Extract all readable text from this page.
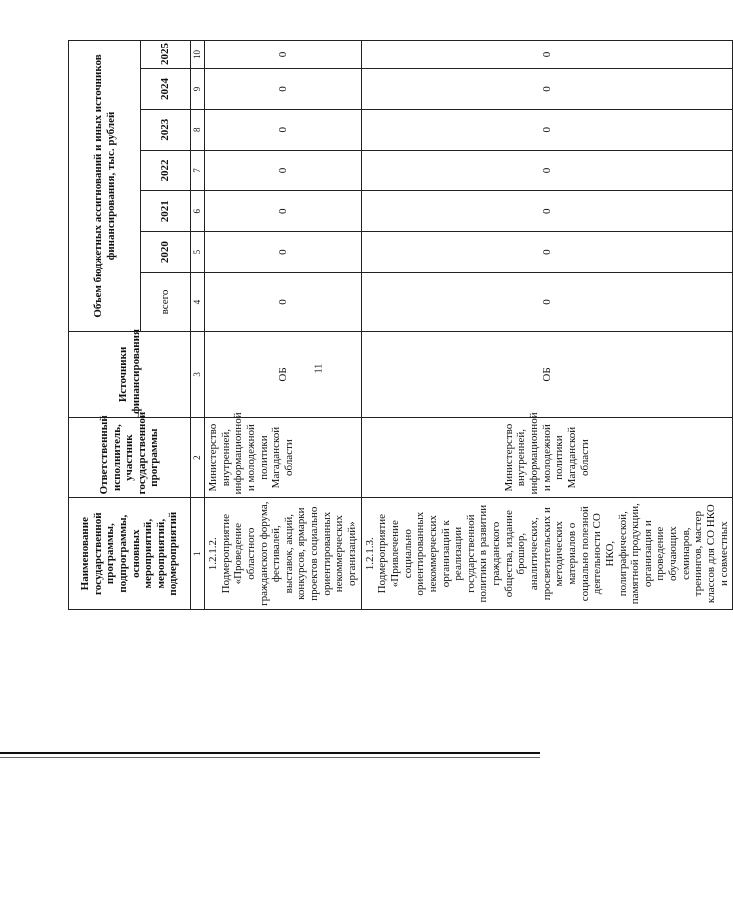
11
Наименование государственной программы, подпрограммы, основных мероприятий, мероприятий, подмероприятий	Ответственный исполнитель, участник государственной программы	Источники финансирования	Объем бюджетных ассигнований и иных источников финансирования, тыс. рублей						
			всего	2020	2021	2022	2023	2024	2025
1	2	3	4	5	6	7	8	9	10
1.2.1.2. Подмероприятие «Проведение областного гражданского форума, фестивалей, выставок, акций, конкурсов, ярмарки проектов социально ориентированных некоммерческих организаций»	Министерство внутренней, информационной и молодежной политики Магаданской области	ОБ	0	0	0	0	0	0	0
1.2.1.3. Подмероприятие «Привлечение социально ориентированных некоммерческих организаций к реализации государственной политики в развитии гражданского общества, издание брошюр, аналитических, просветительских и методических материалов о социально полезной деятельности СО НКО, полиграфической, памятной продукции, организация и проведение обучающих семинаров, тренингов, мастер классов для СО НКО и совместных	Министерство внутренней, информационной и молодежной политики Магаданской области	ОБ	0	0	0	0	0	0	0
